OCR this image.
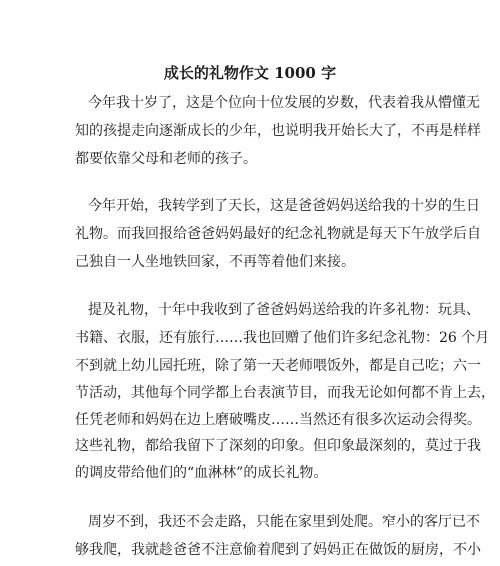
成长的礼物作文 1000 字

今年我十岁了，这是个位向十位发展的岁数，代表着我从懵懂无

知的孩提走向逐渐成长的少年，也说明我开始长大了，不再是样样

都要依靠父母和老师的孩子。

今年开始，我转学到了天长，这是爸爸妈妈送给我的十岁的生日

礼物。而我回报给爸爸妈妈最好的纪念礼物就是每天下午放学后自

己独自一人坐地铁回家，不再等着他们来接。

提及礼物，十年中我收到了爸爸妈妈送给我的许多礼物：玩具、

书籍、衣服，还有旅行……我也回赠了他们许多纪念礼物：26 个月

不到就上幼儿园托班，除了第一天老师喂饭外，都是自己吃；六一

节活动，其他每个同学都上台表演节目，而我无论如何都不肯上去，

任凭老师和妈妈在边上磨破嘴皮……当然还有很多次运动会得奖。

这些礼物，都给我留下了深刻的印象。但印象最深刻的，莫过于我

的调皮带给他们的“血淋林”的成长礼物。

周岁不到，我还不会走路，只能在家里到处爬。窄小的客厅已不

够我爬，我就趁爸爸不注意偷着爬到了妈妈正在做饭的厨房，不小
